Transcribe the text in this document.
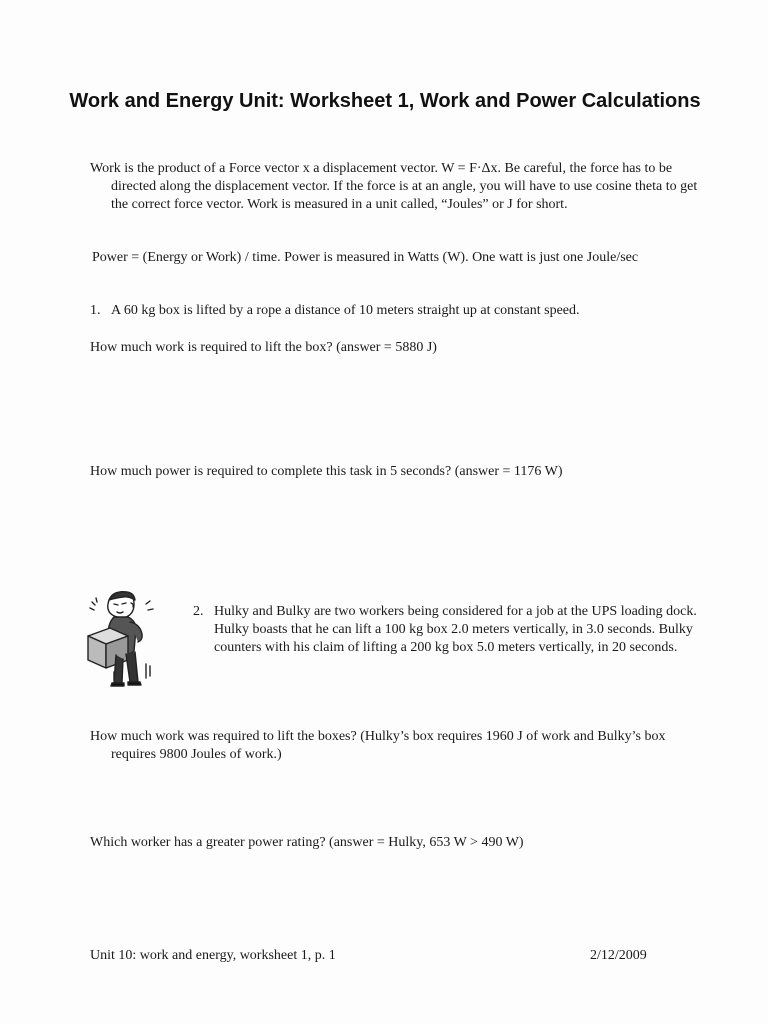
Work and Energy Unit: Worksheet 1, Work and Power Calculations
Work is the product of a Force vector x a displacement vector. W = F·Δx. Be careful, the force has to be directed along the displacement vector. If the force is at an angle, you will have to use cosine theta to get the correct force vector. Work is measured in a unit called, “Joules” or J for short.
Power = (Energy or Work) / time. Power is measured in Watts (W). One watt is just one Joule/sec
1. A 60 kg box is lifted by a rope a distance of 10 meters straight up at constant speed.
How much work is required to lift the box? (answer = 5880 J)
How much power is required to complete this task in 5 seconds? (answer = 1176 W)
2. Hulky and Bulky are two workers being considered for a job at the UPS loading dock. Hulky boasts that he can lift a 100 kg box 2.0 meters vertically, in 3.0 seconds. Bulky counters with his claim of lifting a 200 kg box 5.0 meters vertically, in 20 seconds.
How much work was required to lift the boxes? (Hulky’s box requires 1960 J of work and Bulky’s box requires 9800 Joules of work.)
Which worker has a greater power rating? (answer = Hulky, 653 W > 490 W)
Unit 10: work and energy, worksheet 1, p. 1	2/12/2009
